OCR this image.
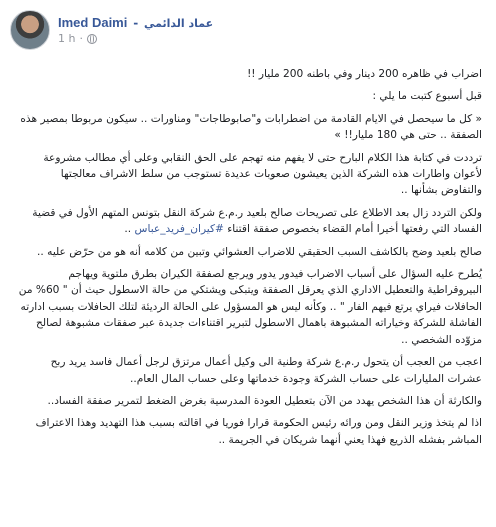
Imed Daimi - عماد الدائمي
1 h ·

اضراب في ظاهره 200 دينار وفي باطنه 200 مليار !!

قبل أسبوع كتبت ما يلي :

« كل ما سيحصل في الايام القادمة من اضطرابات و"صابوطاجات" ومناورات .. سيكون مربوطا بمصير هذه الصفقة .. حتى هي 180 مليار!! »

ترددت في كتابة هذا الكلام البارح حتى لا يفهم منه تهجم على الحق النقابي وعلى أي مطالب مشروعة لأعوان واطارات هذه الشركة الذين يعيشون صعوبات عديدة تستوجب من سلط الاشراف معالجتها والتفاوض بشأنها ..

ولكن التردد زال بعد الاطلاع على تصريحات صالح بلعيد ر.م.ع شركة النقل بتونس المتهم الأول في قضية الفساد التي رفعتها أخيرا أمام القضاء بخصوص صفقة اقتناء #كيران_فريد_عباس ..

صالح بلعيد وضح بالكاشف السبب الحقيقي للاضراب العشوائي وتبين من كلامه أنه هو من حرّض عليه ..

يُطرح عليه السؤال على أسباب الاضراب فيدور يدور ويرجع لصفقة الكيران بطرق ملتوية ويهاجم البيروقراطية والتعطيل الاداري الذي يعرقل الصفقة ويتبكى ويشتكي من حالة الاسطول حيث أن " 60% من الحافلات فيراي يرتع فيهم الفار " .. وكأنه ليس هو المسؤول على الحالة الرديئة لتلك الحافلات بسبب ادارته الفاشلة للشركة وخياراته المشبوهة باهمال الاسطول لتبرير اقتناءات جديدة عبر صفقات مشبوهة لصالح مزوّده الشخصي ..

اعجب من العجب أن يتحول ر.م.ع شركة وطنية الى وكيل أعمال مرتزق لرجل أعمال فاسد يريد ربح عشرات المليارات على حساب الشركة وجودة خدماتها وعلى حساب المال العام..

والكارثة أن هذا الشخص يهدد من الآن بتعطيل العودة المدرسية بغرض الضغط لتمرير صفقة الفساد..

اذا لم يتخذ وزير النقل ومن ورائه رئيس الحكومة قرارا فوريا في اقالته بسبب هذا التهديد وهذا الاعتراف المباشر بفشله الذريع فهذا يعني أنهما شريكان في الجريمة ..
